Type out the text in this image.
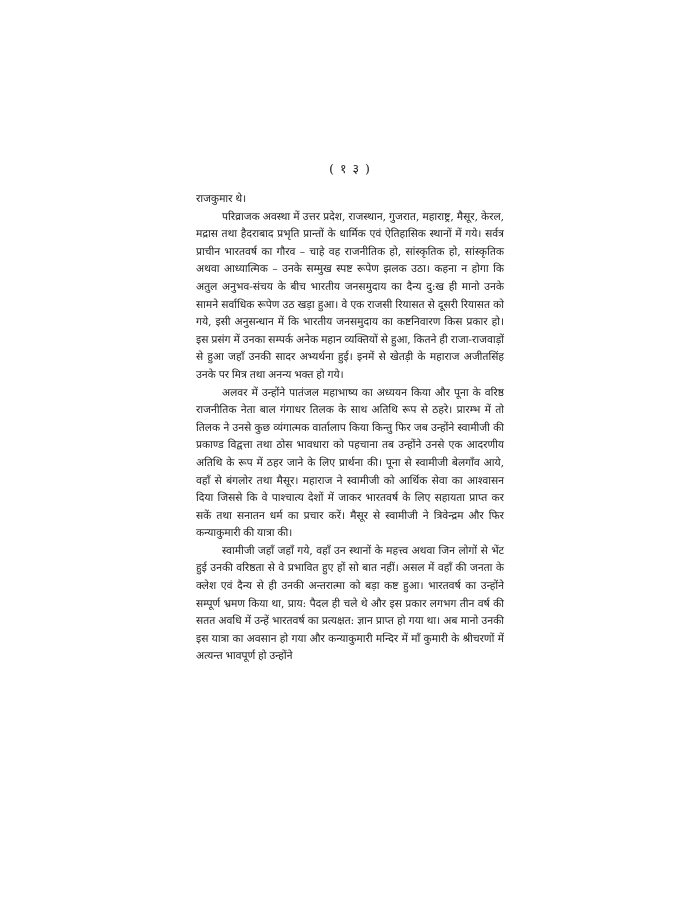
( १ ३ )

राजकुमार थे।

परिव्राजक अवस्था में उत्तर प्रदेश, राजस्थान, गुजरात, महाराष्ट्र, मैसूर, केरल, मद्रास तथा हैदराबाद प्रभृति प्रान्तों के धार्मिक एवं ऐतिहासिक स्थानों में गये। सर्वत्र प्राचीन भारतवर्ष का गौरव – चाहे वह राजनीतिक हो, सांस्कृतिक हो, सांस्कृतिक अथवा आध्यात्मिक – उनके सम्मुख स्पष्ट रूपेण झलक उठा। कहना न होगा कि अतुल अनुभव-संचय के बीच भारतीय जनसमुदाय का दैन्य दु:ख ही मानो उनके सामने सर्वाधिक रूपेण उठ खड़ा हुआ। वे एक राजसी रियासत से दूसरी रियासत को गये, इसी अनुसन्धान में कि भारतीय जनसमुदाय का कष्टनिवारण किस प्रकार हो। इस प्रसंग में उनका सम्पर्क अनेक महान व्यक्तियों से हुआ, कितने ही राजा-राजवाड़ों से हुआ जहाँ उनकी सादर अभ्यर्थना हुई। इनमें से खेतड़ी के महाराज अजीतसिंह उनके पर मित्र तथा अनन्य भक्त हो गये।

अलवर में उन्होंने पातंजल महाभाष्य का अध्ययन किया और पूना के वरिष्ठ राजनीतिक नेता बाल गंगाधर तिलक के साथ अतिथि रूप से ठहरे। प्रारम्भ में तो तिलक ने उनसे कुछ व्यंगात्मक वार्तालाप किया किन्तु फिर जब उन्होंने स्वामीजी की प्रकाण्ड विद्वत्ता तथा ठोस भावधारा को पहचाना तब उन्होंने उनसे एक आदरणीय अतिथि के रूप में ठहर जाने के लिए प्रार्थना की। पूना से स्वामीजी बेलगाँव आये, वहाँ से बंगलोर तथा मैसूर। महाराज ने स्वामीजी को आर्थिक सेवा का आश्वासन दिया जिससे कि वे पाश्चात्य देशों में जाकर भारतवर्ष के लिए सहायता प्राप्त कर सकें तथा सनातन धर्म का प्रचार करें। मैसूर से स्वामीजी ने त्रिवेन्द्रम और फिर कन्याकुमारी की यात्रा की।

स्वामीजी जहाँ जहाँ गये, वहाँ उन स्थानों के महत्त्व अथवा जिन लोगों से भेंट हुई उनकी वरिष्ठता से वे प्रभावित हुए हों सो बात नहीं। असल में वहाँ की जनता के क्लेश एवं दैन्य से ही उनकी अन्तरात्मा को बड़ा कष्ट हुआ। भारतवर्ष का उन्होंने सम्पूर्ण भ्रमण किया था, प्राय: पैदल ही चले थे और इस प्रकार लगभग तीन वर्ष की सतत अवधि में उन्हें भारतवर्ष का प्रत्यक्षत: ज्ञान प्राप्त हो गया था। अब मानो उनकी इस यात्रा का अवसान हो गया और कन्याकुमारी मन्दिर में माँ कुमारी के श्रीचरणों में अत्यन्त भावपूर्ण हो उन्होंने
